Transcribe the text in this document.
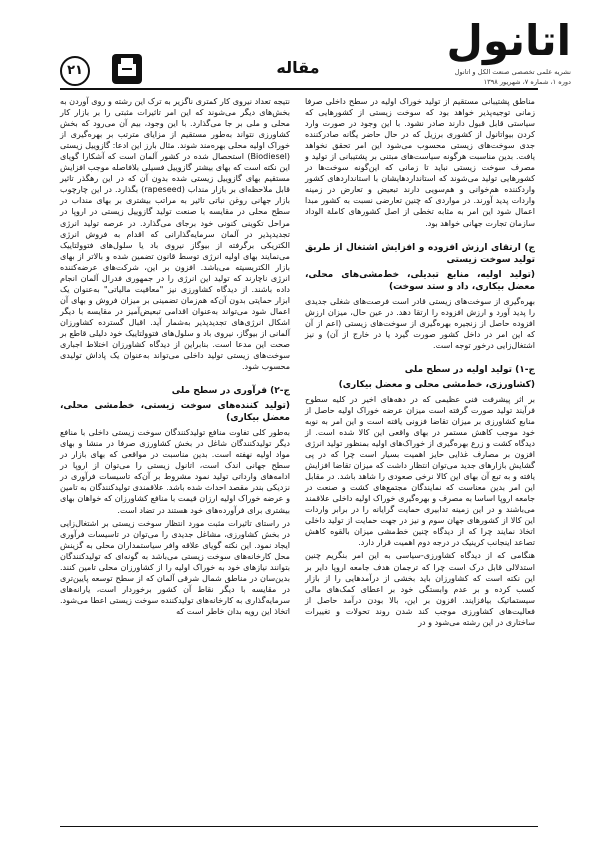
اتانول
نشریه علمی تخصصی صنعت الکل و اتانول
دوره ۱، شماره ۷، شهریور ۱۳۹۸
مقاله
۲۱

مناطق پشتیبانی مستقیم از تولید خوراک اولیه در سطح داخلی صرفا زمانی توجیه‌پذیر خواهد بود که سوخت زیستی از کشورهایی که سیاستی قابل قبول دارند صادر نشود. با این وجود در صورت وارد کردن بیواتانول از کشوری برزیل که در حال حاضر یگانه صادرکننده جدی سوخت‌های زیستی محسوب می‌شود این امر تحقق نخواهد یافت. بدین مناسبت هرگونه سیاست‌های مبتنی بر پشتیبانی از تولید و مصرف سوخت زیستی نباید تا زمانی که این‌گونه سوخت‌ها در کشورهایی تولید می‌شوند که استانداردهایشان با استانداردهای کشور واردکننده هم‌خوانی و هم‌سویی دارند تبعیض و تعارض در زمینه واردات پدید آورند. در مواردی که چنین تعارضی نسبت به کشور مبدا اعمال شود این امر به مثابه تخطی از اصل کشورهای کاملة الوداد سازمان تجارت جهانی خواهد بود.

ج) ارتقای ارزش افزوده و افزایش اشتغال از طریق تولید سوخت زیستی
(تولید اولیه، منابع تبدیلی، خط‌مشی‌های محلی، معضل بیکاری، داد و ستد سوخت)

بهره‌گیری از سوخت‌های زیستی قادر است فرصت‌های شغلی جدیدی را پدید آورد و ارزش افزوده را ارتقا دهد. در عین حال، میزان ارزش افزوده حاصل از زنجیره بهره‌گیری از سوخت‌های زیستی (اعم از آن که این امر در داخل کشور صورت گیرد یا در خارج از آن) و نیز اشتغال‌زایی درخور توجه است.

ج-۱) تولید اولیه در سطح ملی
(کشاورزی، خط‌مشی محلی و معضل بیکاری)

بر اثر پیشرفت فنی عظیمی که در دهه‌های اخیر در کلیه سطوح فرآیند تولید صورت گرفته است میزان عرضه خوراک اولیه حاصل از منابع کشاورزی بر میزان تقاضا فزونی یافته است و این امر به نوبه خود موجب کاهش مستمر در بهای واقعی این کالا شده است. از دیدگاه کشت و زرع بهره‌گیری از خوراک‌های اولیه بمنظور تولید انرژی افزون بر مصارف غذایی حایز اهمیت بسیار است چرا که در پی گشایش بازارهای جدید می‌توان انتظار داشت که میزان تقاضا افزایش یافته و به تبع آن بهای این کالا نرخی صعودی را شاهد باشد. در مقابل این امر بدین معناست که نمایندگان مجتمع‌های کشت و صنعت در جامعه اروپا اساسا به مصرف و بهره‌گیری خوراک اولیه داخلی علاقمند می‌باشند و در این زمینه تدابیری حمایت گرایانه را در برابر واردات این کالا از کشورهای جهان سوم و نیز در جهت حمایت از تولید داخلی اتخاذ نمایند چرا که از دیدگاه چنین خط‌مشی میزان بالقوه کاهش تصاعد اینجانب کرینیک در درجه دوم اهمیت قرار دارد.

هنگامی که از دیدگاه کشاورزی-سیاسی به این امر بنگریم چنین استدلالی قابل درک است چرا که ترجمان هدف جامعه اروپا دایر بر این نکته است که کشاورزان باید بخشی از درآمدهایی را از بازار کسب کرده و بر عدم وابستگی خود بر اعطای کمک‌های مالی سیستماتیک بیافزایند. افزون بر این، بالا بودن درآمد حاصل از فعالیت‌های کشاورزی موجب کند شدن روند تحولات و تغییرات ساختاری در این رشته می‌شود و در

نتیجه تعداد نیروی کار کمتری ناگزیر به ترک این رشته و روی آوردن به بخش‌های دیگر می‌شوند که این امر تاثیرات مثبتی را بر بازار کار محلی و ملی بر جا می‌گذارد. با این وجود، بیم آن می‌رود که بخش کشاورزی نتواند به‌طور مستقیم از مزایای مترتب بر بهره‌گیری از خوراک اولیه محلی بهره‌مند شوند. مثال بارز این ادعا: گازوییل زیستی (Biodiesel) استحصال شده در کشور آلمان است که آشکارا گویای این نکته است که بهای بیشتر گازوییل فسیلی بلافاصله موجب افزایش مستقیم بهای گازوییل زیستی شده بدون آن که در این رهگذر تاثیر قابل ملاحظه‌ای بر بازار منداب (rapeseed) بگذارد. در این چارچوب بازار جهانی روغن نباتی تاثیر به مراتب بیشتری بر بهای منداب در سطح محلی در مقایسه با صنعت تولید گازوییل زیستی در اروپا در مراحل تکوینی کنونی خود برجای می‌گذارد. در عرصه تولید انرژی تجدیدپذیر در آلمان سرمایه‌گذارانی که اقدام به فروش انرژی الکتریکی برگرفته از بیوگاز نیروی باد یا سلول‌های فتوولتاییک می‌نمایند بهای اولیه انرژی توسط قانون تضمین شده و بالاتر از بهای بازار الکتریسیته می‌باشد. افزون بر این، شرکت‌های عرضه‌کننده انرژی ناچارند که تولید این انرژی را در جمهوری فدرال آلمان انجام داده باشند. از دیدگاه کشاورزی نیز "معافیت مالیاتی" به‌عنوان یک ابزار حمایتی بدون آن‌که هم‌زمان تضمینی بر میزان فروش و بهای آن اعمال شود می‌تواند به‌عنوان اقدامی تبعیض‌آمیز در مقایسه با دیگر اشکال انرژی‌های تجدیدپذیر به‌شمار آید. اقبال گسترده کشاورزان آلمانی از بیوگاز، نیروی باد و سلول‌های فتوولتاییک خود دلیلی قاطع بر صحت این مدعا است. بنابراین از دیدگاه کشاورزان اختلاط اجباری سوخت‌های زیستی تولید داخلی می‌تواند به‌عنوان یک پاداش تولیدی محسوب شود.

ج-۲) فرآوری در سطح ملی
(تولید کننده‌های سوخت زیستی، خط‌مشی محلی، معضل بیکاری)

به‌طور کلی تفاوت منافع تولیدکنندگان سوخت زیستی داخلی با منافع دیگر تولیدکنندگان شاغل در بخش کشاورزی صرفا در منشا و بهای مواد اولیه نهفته است. بدین مناسبت در مواقعی که بهای بازار در سطح جهانی اندک است، اتانول زیستی را می‌توان از اروپا در ادامه‌های وارداتی تولید نمود مشروط بر آن‌که تاسیسات فرآوری در نزدیکی بندر مقصد احداث شده باشد. علاقمندی تولیدکنندگان به تامین و عرضه خوراک اولیه ارزان قیمت با منافع کشاورزان که خواهان بهای بیشتری برای فرآورده‌های خود هستند در تضاد است.

در راستای تاثیرات مثبت مورد انتظار سوخت زیستی بر اشتغال‌زایی در بخش کشاورزی، مشاغل جدیدی را می‌توان در تاسیسات فرآوری ایجاد نمود. این نکته گویای علاقه وافر سیاستمداران محلی به گزینش محل کارخانه‌های سوخت زیستی می‌باشد به گونه‌ای که تولیدکنندگان بتوانند نیازهای خود به خوراک اولیه را از کشاورزان محلی تامین کنند. بدین‌سان در مناطق شمال شرقی آلمان که از سطح توسعه پایین‌تری در مقایسه با دیگر نقاط آن کشور برخوردار است، یارانه‌های سرمایه‌گذاری به کارخانه‌های تولیدکننده سوخت زیستی اعطا می‌شود. اتخاذ این رویه بدان خاطر است که
